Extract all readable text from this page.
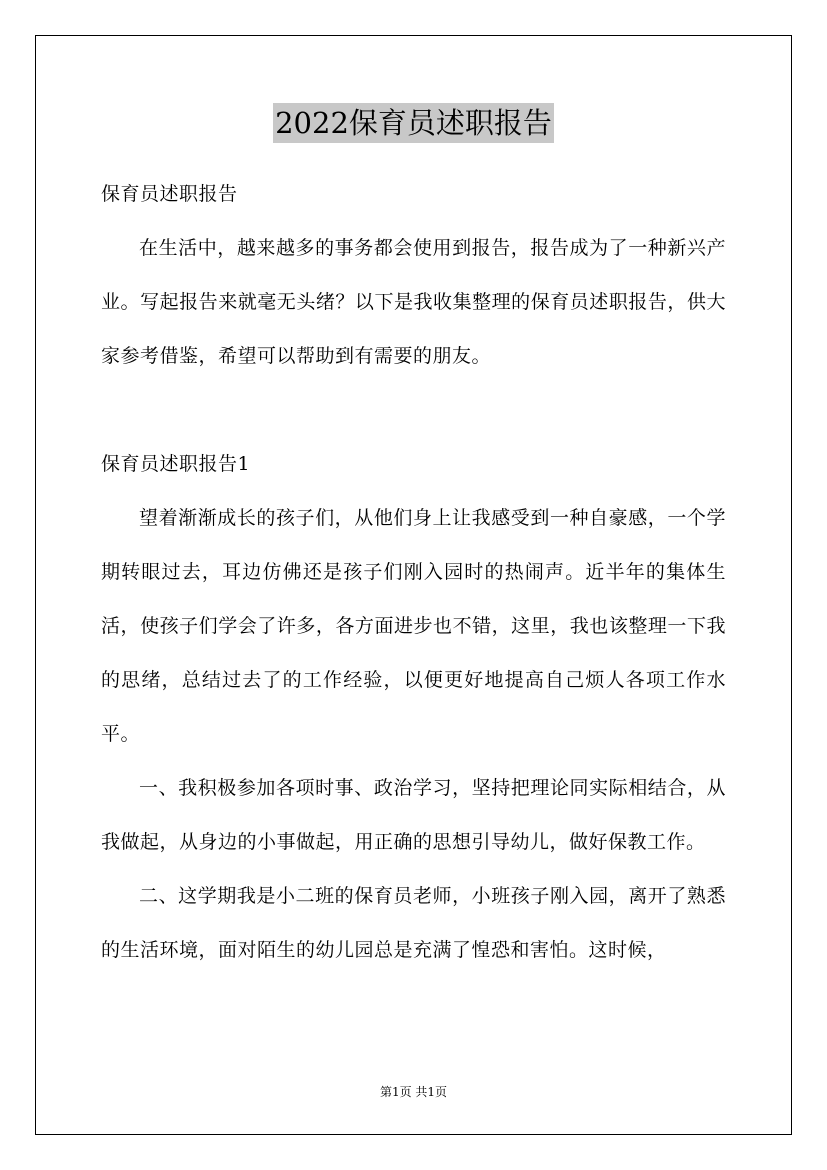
2022保育员述职报告

保育员述职报告

在生活中，越来越多的事务都会使用到报告，报告成为了一种新兴产业。写起报告来就毫无头绪？以下是我收集整理的保育员述职报告，供大家参考借鉴，希望可以帮助到有需要的朋友。

保育员述职报告1

望着渐渐成长的孩子们，从他们身上让我感受到一种自豪感，一个学期转眼过去，耳边仿佛还是孩子们刚入园时的热闹声。近半年的集体生活，使孩子们学会了许多，各方面进步也不错，这里，我也该整理一下我的思绪，总结过去了的工作经验，以便更好地提高自己烦人各项工作水平。

一、我积极参加各项时事、政治学习，坚持把理论同实际相结合，从我做起，从身边的小事做起，用正确的思想引导幼儿，做好保教工作。

二、这学期我是小二班的保育员老师，小班孩子刚入园，离开了熟悉的生活环境，面对陌生的幼儿园总是充满了惶恐和害怕。这时候，

第1页 共1页
